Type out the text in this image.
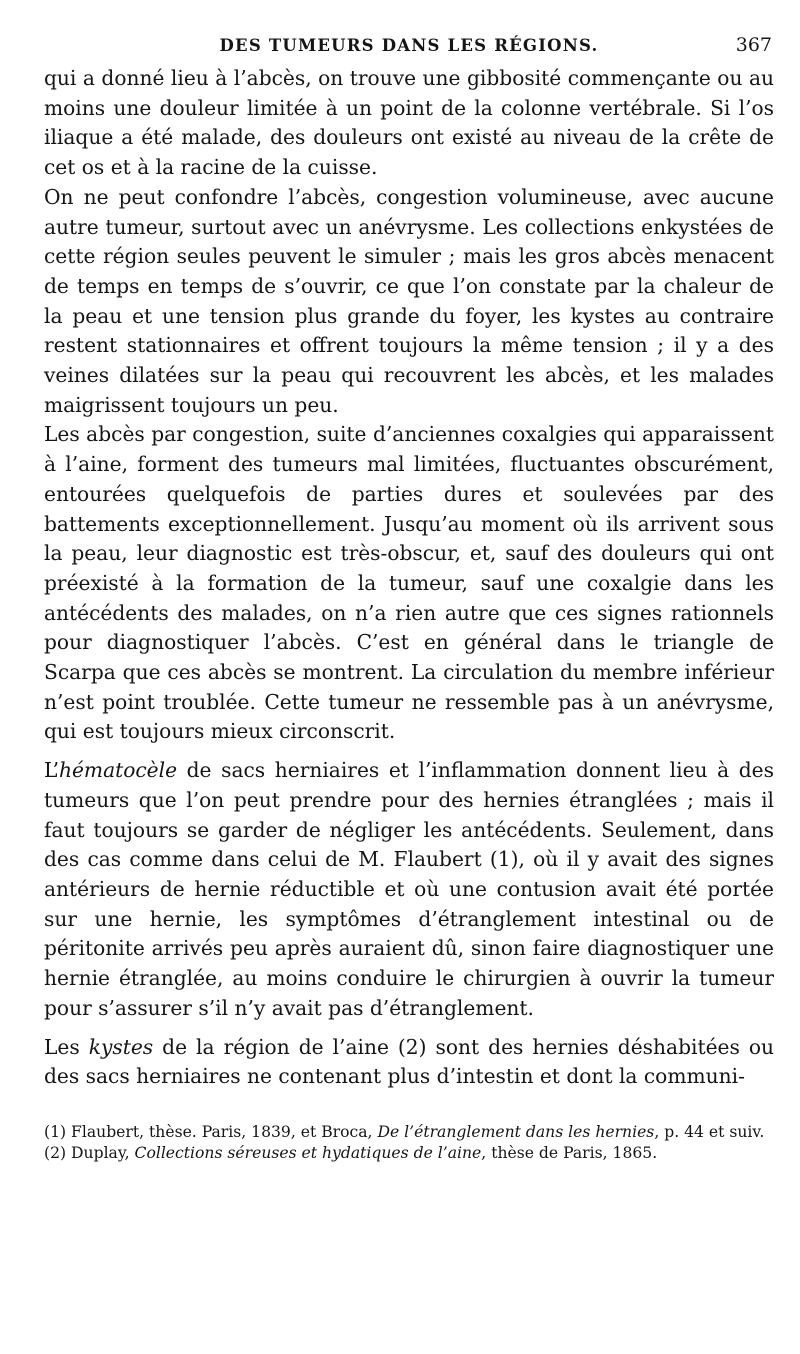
DES TUMEURS DANS LES RÉGIONS.	367

qui a donné lieu à l’abcès, on trouve une gibbosité commençante ou au moins une douleur limitée à un point de la colonne vertébrale. Si l’os iliaque a été malade, des douleurs ont existé au niveau de la crête de cet os et à la racine de la cuisse.

On ne peut confondre l’abcès, congestion volumineuse, avec aucune autre tumeur, surtout avec un anévrysme. Les collections enkystées de cette région seules peuvent le simuler ; mais les gros abcès menacent de temps en temps de s’ouvrir, ce que l’on constate par la chaleur de la peau et une tension plus grande du foyer, les kystes au contraire restent stationnaires et offrent toujours la même tension ; il y a des veines dilatées sur la peau qui recouvrent les abcès, et les malades maigrissent toujours un peu.

Les abcès par congestion, suite d’anciennes coxalgies qui apparaissent à l’aine, forment des tumeurs mal limitées, fluctuantes obscurément, entourées quelquefois de parties dures et soulevées par des battements exceptionnellement. Jusqu’au moment où ils arrivent sous la peau, leur diagnostic est très-obscur, et, sauf des douleurs qui ont préexisté à la formation de la tumeur, sauf une coxalgie dans les antécédents des malades, on n’a rien autre que ces signes rationnels pour diagnostiquer l’abcès. C’est en général dans le triangle de Scarpa que ces abcès se montrent. La circulation du membre inférieur n’est point troublée. Cette tumeur ne ressemble pas à un anévrysme, qui est toujours mieux circonscrit.

L’hématocèle de sacs herniaires et l’inflammation donnent lieu à des tumeurs que l’on peut prendre pour des hernies étranglées ; mais il faut toujours se garder de négliger les antécédents. Seulement, dans des cas comme dans celui de M. Flaubert (1), où il y avait des signes antérieurs de hernie réductible et où une contusion avait été portée sur une hernie, les symptômes d’étranglement intestinal ou de péritonite arrivés peu après auraient dû, sinon faire diagnostiquer une hernie étranglée, au moins conduire le chirurgien à ouvrir la tumeur pour s’assurer s’il n’y avait pas d’étranglement.

Les kystes de la région de l’aine (2) sont des hernies déshabitées ou des sacs herniaires ne contenant plus d’intestin et dont la communi-

(1) Flaubert, thèse. Paris, 1839, et Broca, De l’étranglement dans les hernies, p. 44 et suiv.

(2) Duplay, Collections séreuses et hydatiques de l’aine, thèse de Paris, 1865.
